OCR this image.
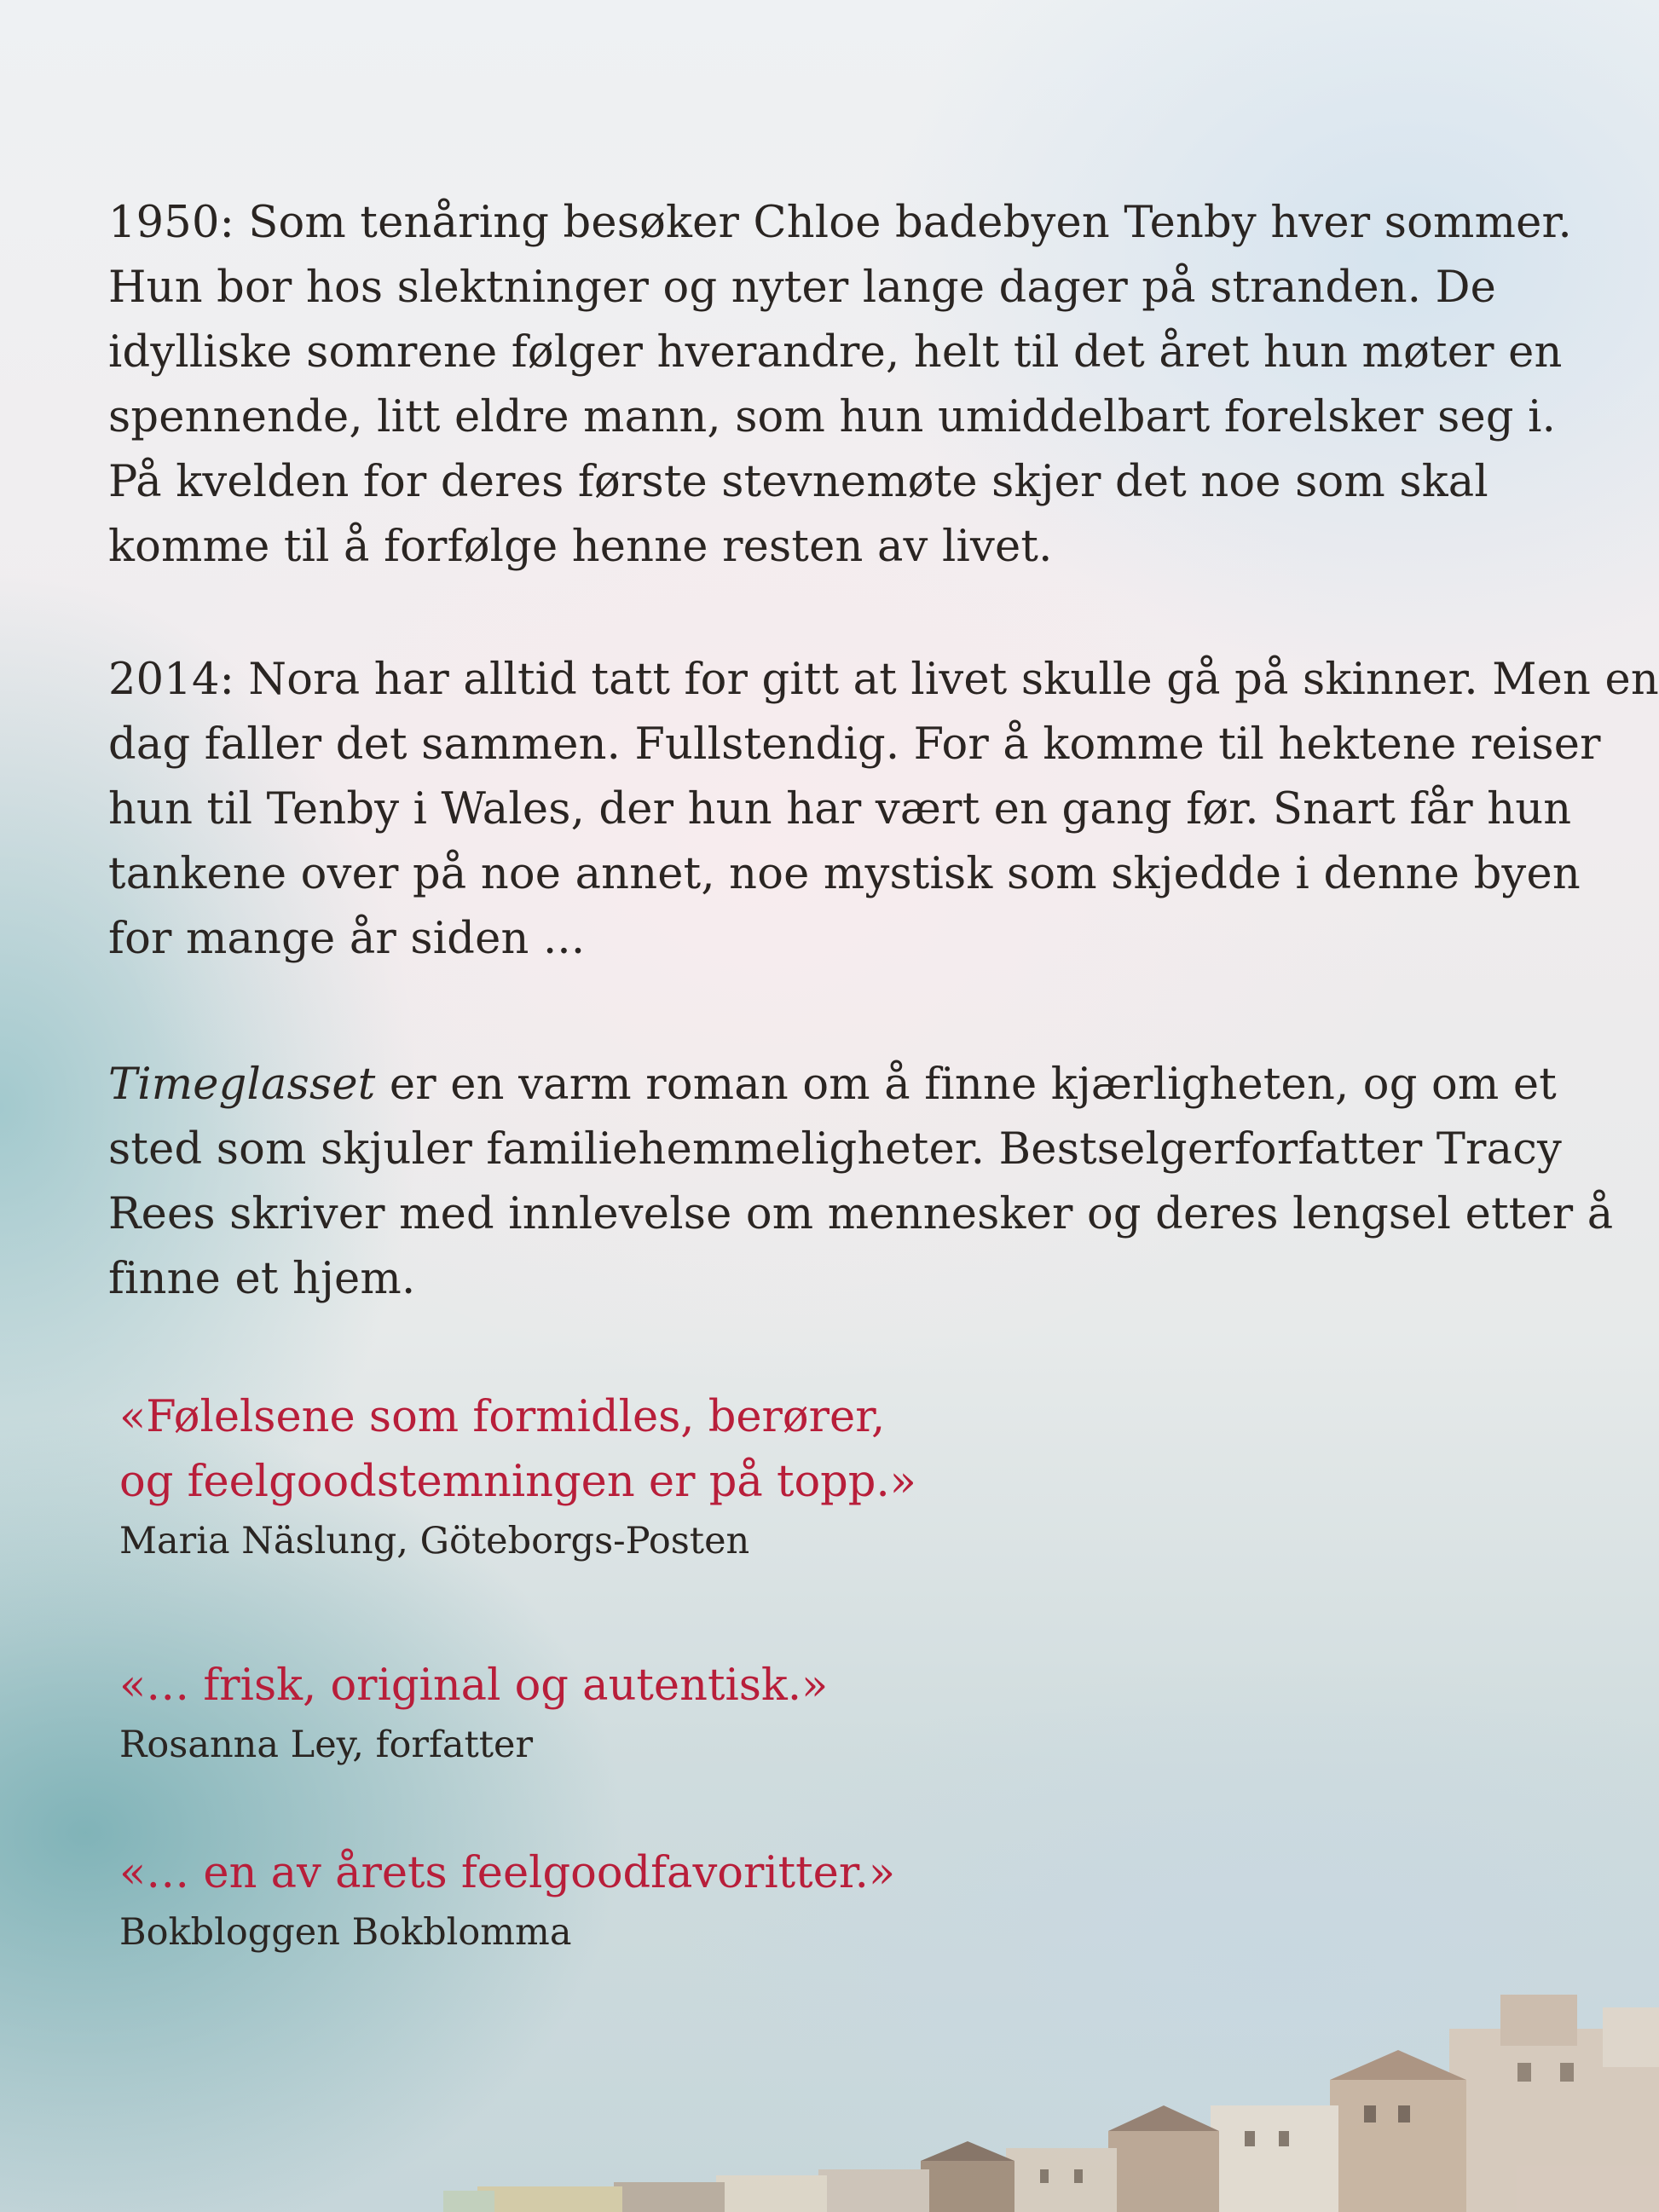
1950: Som tenåring besøker Chloe badebyen Tenby hver sommer.
Hun bor hos slektninger og nyter lange dager på stranden. De
idylliske somrene følger hverandre, helt til det året hun møter en
spennende, litt eldre mann, som hun umiddelbart forelsker seg i.
På kvelden for deres første stevnemøte skjer det noe som skal
komme til å forfølge henne resten av livet.
2014: Nora har alltid tatt for gitt at livet skulle gå på skinner. Men en
dag faller det sammen. Fullstendig. For å komme til hektene reiser
hun til Tenby i Wales, der hun har vært en gang før. Snart får hun
tankene over på noe annet, noe mystisk som skjedde i denne byen
for mange år siden ...
Timeglasset er en varm roman om å finne kjærligheten, og om et
sted som skjuler familiehemmeligheter. Bestselgerforfatter Tracy
Rees skriver med innlevelse om mennesker og deres lengsel etter å
finne et hjem.
«Følelsene som formidles, berører,
og feelgoodstemningen er på topp.»
Maria Näslung, Göteborgs-Posten
«… frisk, original og autentisk.»
Rosanna Ley, forfatter
«… en av årets feelgoodfavoritter.»
Bokbloggen Bokblomma
